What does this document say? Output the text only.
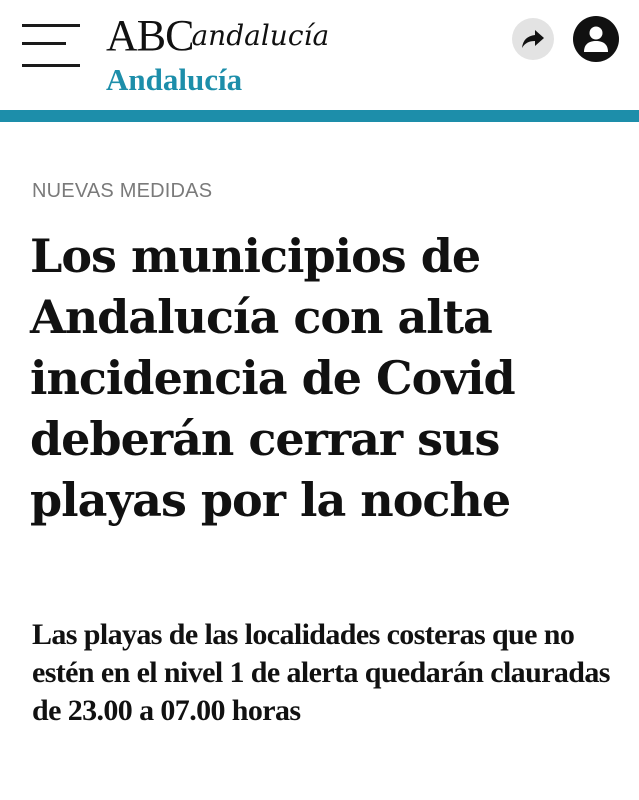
ABCandalucía
Andalucía
NUEVAS MEDIDAS
Los municipios de Andalucía con alta incidencia de Covid deberán cerrar sus playas por la noche
Las playas de las localidades costeras que no estén en el nivel 1 de alerta quedarán clauradas de 23.00 a 07.00 horas
